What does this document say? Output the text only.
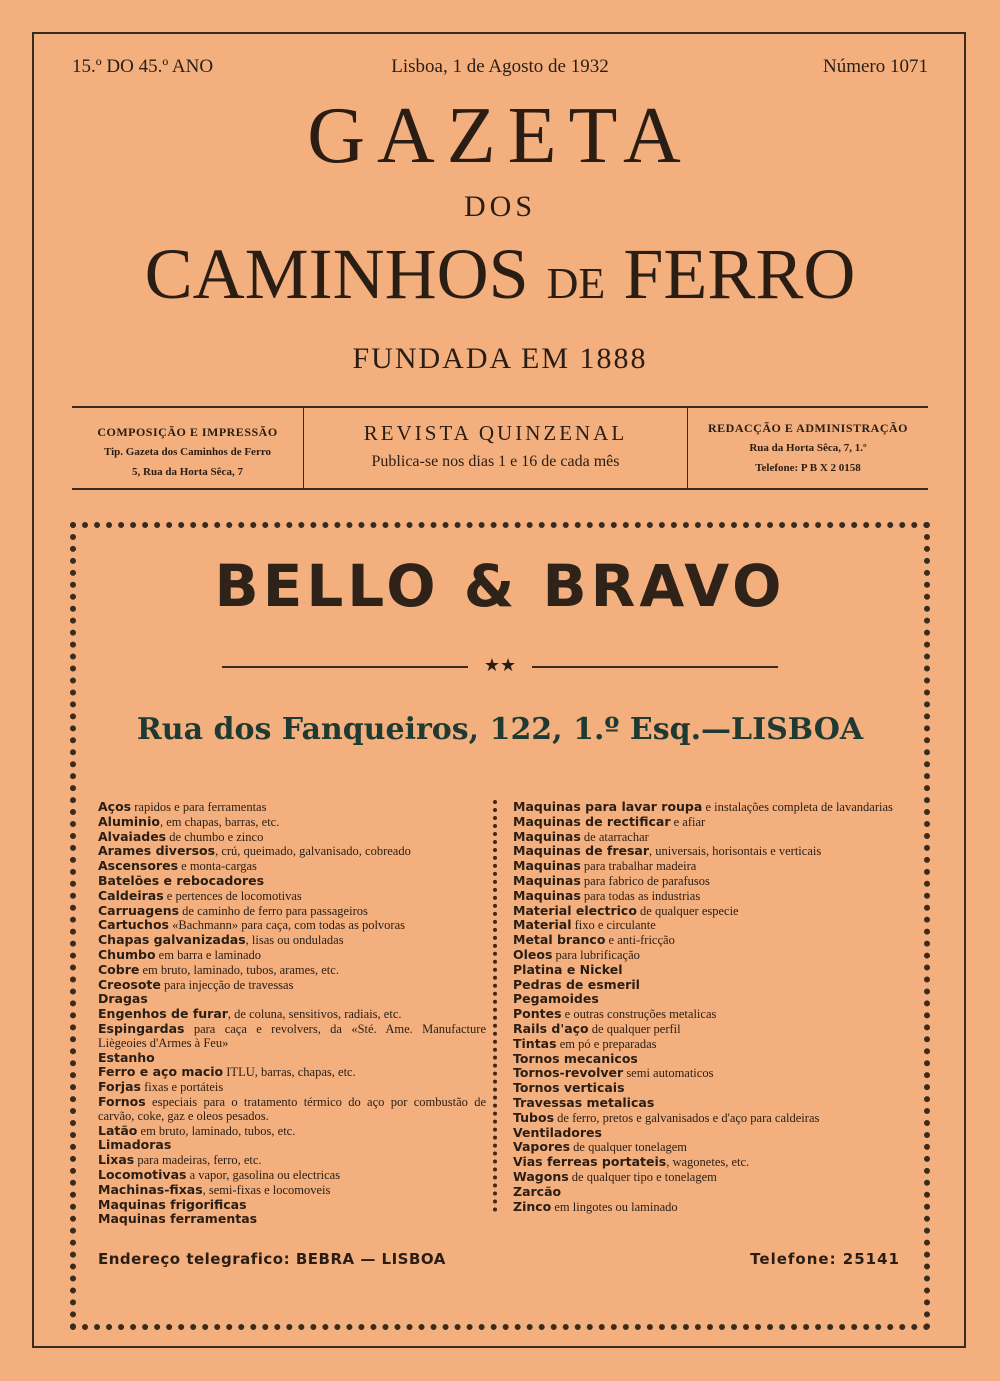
15.º DO 45.º ANO	Lisboa, 1 de Agosto de 1932	Número 1071
GAZETA
DOS
CAMINHOS DE FERRO
FUNDADA EM 1888
COMPOSIÇÃO E IMPRESSÃO
Tip. Gazeta dos Caminhos de Ferro
5, Rua da Horta Sêca, 7
REVISTA QUINZENAL
Publica-se nos dias 1 e 16 de cada mês
REDACÇÃO E ADMINISTRAÇÃO
Rua da Horta Sêca, 7, 1.º
Telefone: P B X 2 0158
BELLO & BRAVO
★★
Rua dos Fanqueiros, 122, 1.º Esq.—LISBOA
Aços rapidos e para ferramentas
Aluminio, em chapas, barras, etc.
Alvaiades de chumbo e zinco
Arames diversos, crú, queimado, galvanisado, cobreado
Ascensores e monta-cargas
Batelões e rebocadores
Caldeiras e pertences de locomotivas
Carruagens de caminho de ferro para passageiros
Cartuchos «Bachmann» para caça, com todas as polvoras
Chapas galvanizadas, lisas ou onduladas
Chumbo em barra e laminado
Cobre em bruto, laminado, tubos, arames, etc.
Creosote para injecção de travessas
Dragas
Engenhos de furar, de coluna, sensitivos, radiais, etc.
Espingardas para caça e revolvers, da «Sté. Ame. Manufacture Liègeoies d'Armes à Feu»
Estanho
Ferro e aço macio ITLU, barras, chapas, etc.
Forjas fixas e portáteis
Fornos especiais para o tratamento térmico do aço por combustão de carvão, coke, gaz e oleos pesados.
Latão em bruto, laminado, tubos, etc.
Limadoras
Lixas para madeiras, ferro, etc.
Locomotivas a vapor, gasolina ou electricas
Machinas-fixas, semi-fixas e locomoveis
Maquinas frigorificas
Maquinas ferramentas
Maquinas para lavar roupa e instalações completa de lavandarias
Maquinas de rectificar e afiar
Maquinas de atarrachar
Maquinas de fresar, universais, horisontais e verticais
Maquinas para trabalhar madeira
Maquinas para fabrico de parafusos
Maquinas para todas as industrias
Material electrico de qualquer especie
Material fixo e circulante
Metal branco e anti-fricção
Oleos para lubrificação
Platina e Nickel
Pedras de esmeril
Pegamoides
Pontes e outras construções metalicas
Rails d'aço de qualquer perfil
Tintas em pó e preparadas
Tornos mecanicos
Tornos-revolver semi automaticos
Tornos verticais
Travessas metalicas
Tubos de ferro, pretos e galvanisados e d'aço para caldeiras
Ventiladores
Vapores de qualquer tonelagem
Vias ferreas portateis, wagonetes, etc.
Wagons de qualquer tipo e tonelagem
Zarcão
Zinco em lingotes ou laminado
Endereço telegrafico: BEBRA — LISBOA	Telefone: 25141
